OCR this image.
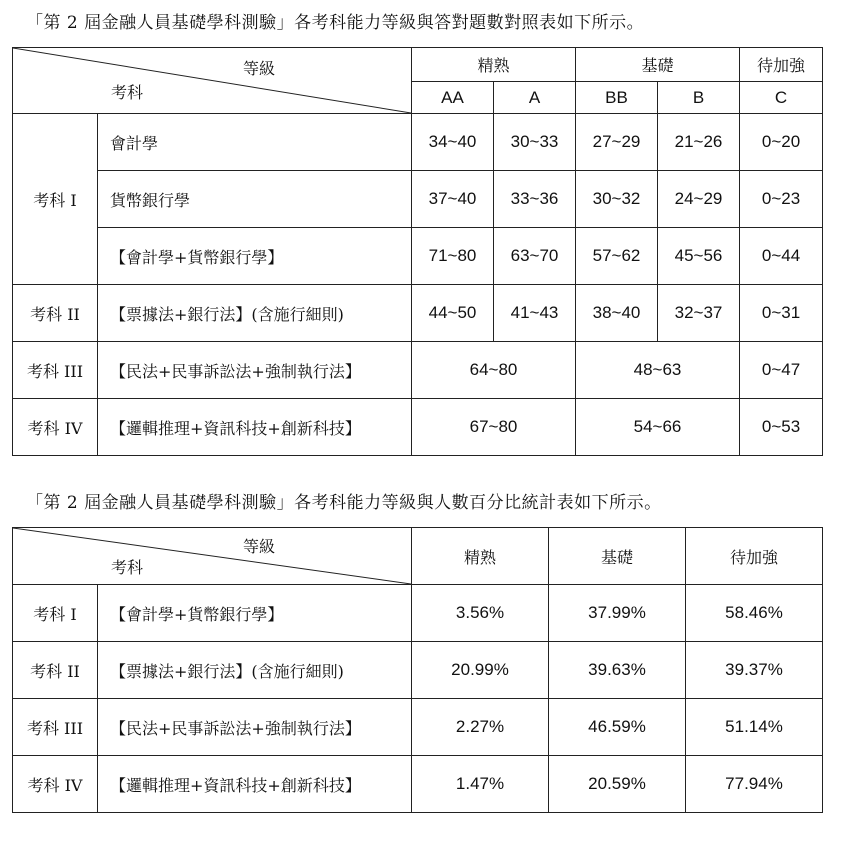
「第 2 屆金融人員基礎學科測驗」各考科能力等級與答對題數對照表如下所示。
等級
考科		精熟		基礎		待加強
		AA	A	BB	B	C
考科 I	會計學	34~40	30~33	27~29	21~26	0~20
	貨幣銀行學	37~40	33~36	30~32	24~29	0~23
	【會計學+貨幣銀行學】	71~80	63~70	57~62	45~56	0~44
考科 II	【票據法+銀行法】(含施行細則)	44~50	41~43	38~40	32~37	0~31
考科 III	【民法+民事訴訟法+強制執行法】	64~80		48~63		0~47
考科 IV	【邏輯推理+資訊科技+創新科技】	67~80		54~66		0~53
「第 2 屆金融人員基礎學科測驗」各考科能力等級與人數百分比統計表如下所示。
等級
考科		精熟	基礎	待加強
考科 I	【會計學+貨幣銀行學】	3.56%	37.99%	58.46%
考科 II	【票據法+銀行法】(含施行細則)	20.99%	39.63%	39.37%
考科 III	【民法+民事訴訟法+強制執行法】	2.27%	46.59%	51.14%
考科 IV	【邏輯推理+資訊科技+創新科技】	1.47%	20.59%	77.94%
